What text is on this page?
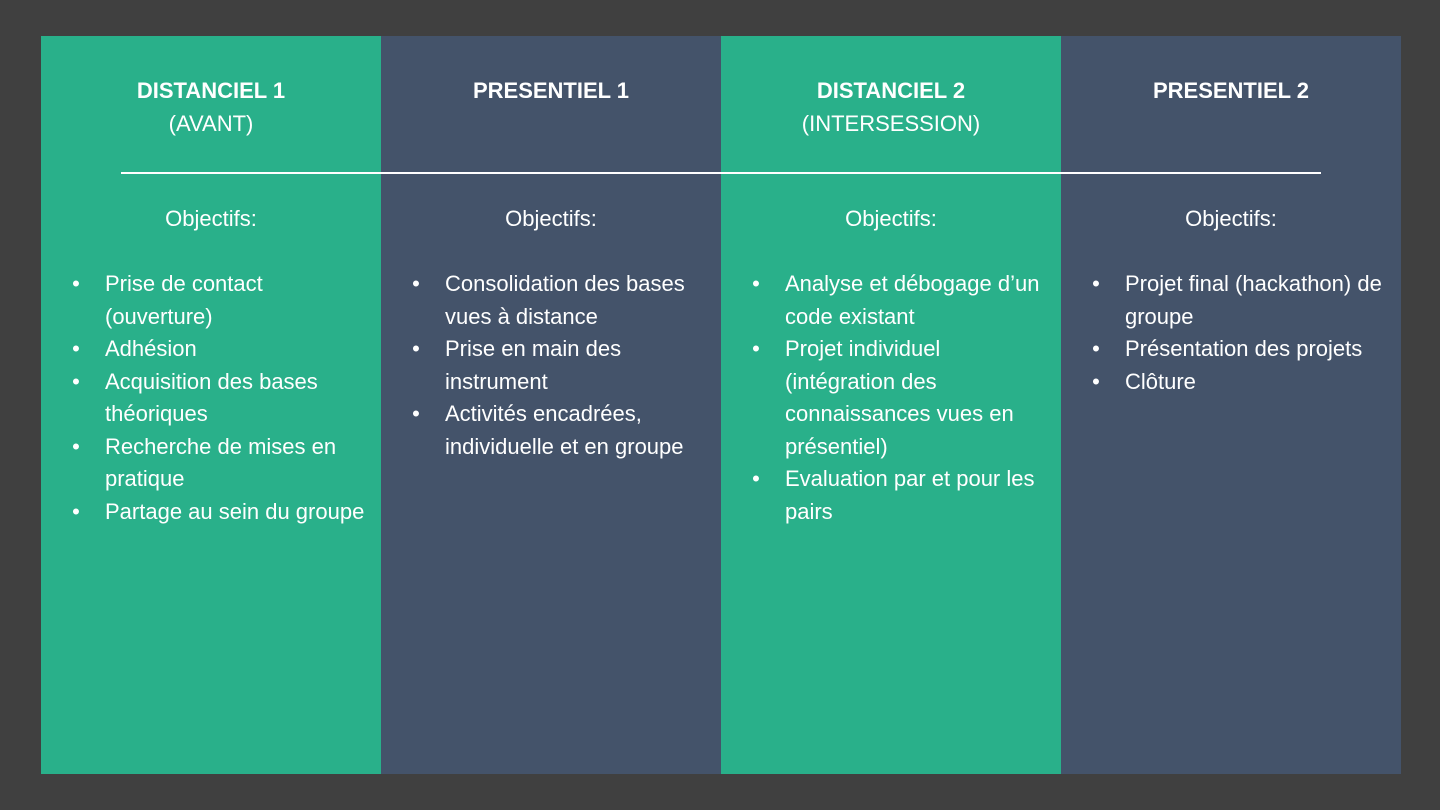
DISTANCIEL 1
(AVANT)
Objectifs:
• Prise de contact (ouverture)
• Adhésion
• Acquisition des bases théoriques
• Recherche de mises en pratique
• Partage au sein du groupe
PRESENTIEL 1
Objectifs:
• Consolidation des bases vues à distance
• Prise en main des instrument
• Activités encadrées, individuelle et en groupe
DISTANCIEL 2
(INTERSESSION)
Objectifs:
• Analyse et débogage d’un code existant
• Projet individuel (intégration des connaissances vues en présentiel)
• Evaluation par et pour les pairs
PRESENTIEL 2
Objectifs:
• Projet final (hackathon) de groupe
• Présentation des projets
• Clôture
